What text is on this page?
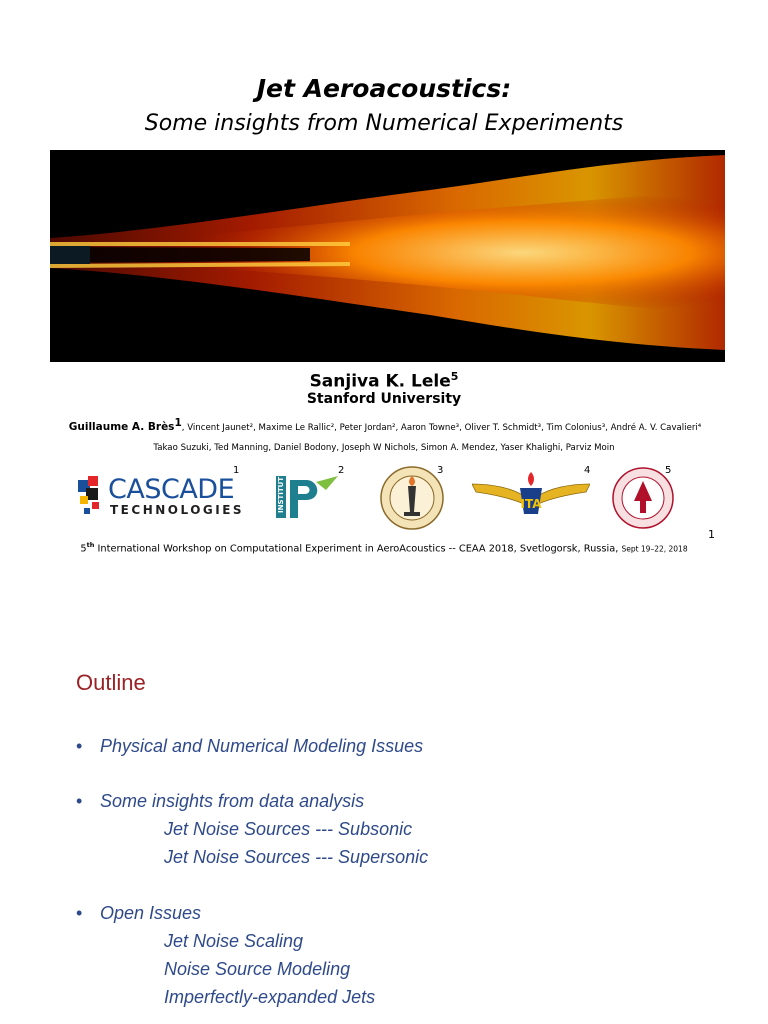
Jet Aeroacoustics:
Some insights from Numerical Experiments
Sanjiva K. Lele$^5$
Stanford University
Guillaume A. Brès$^1$, Vincent Jaunet², Maxime Le Rallic², Peter Jordan², Aaron Towne³, Oliver T. Schmidt³, Tim Colonius³, André A. V. Cavalieri⁴
Takao Suzuki, Ted Manning, Daniel Bodony, Joseph W Nichols, Simon A. Mendez, Yaser Khalighi, Parviz Moin
CASCADE
TECHNOLOGIES
1
INSTITUT
2	3
ITA
4	5
1
5th International Workshop on Computational Experiment in AeroAcoustics -- CEAA 2018, Svetlogorsk, Russia, Sept 19–22, 2018
Outline
• Physical and Numerical Modeling Issues
• Some insights from data analysis
Jet Noise Sources --- Subsonic
Jet Noise Sources --- Supersonic
• Open Issues
Jet Noise Scaling
Noise Source Modeling
Imperfectly-expanded Jets
